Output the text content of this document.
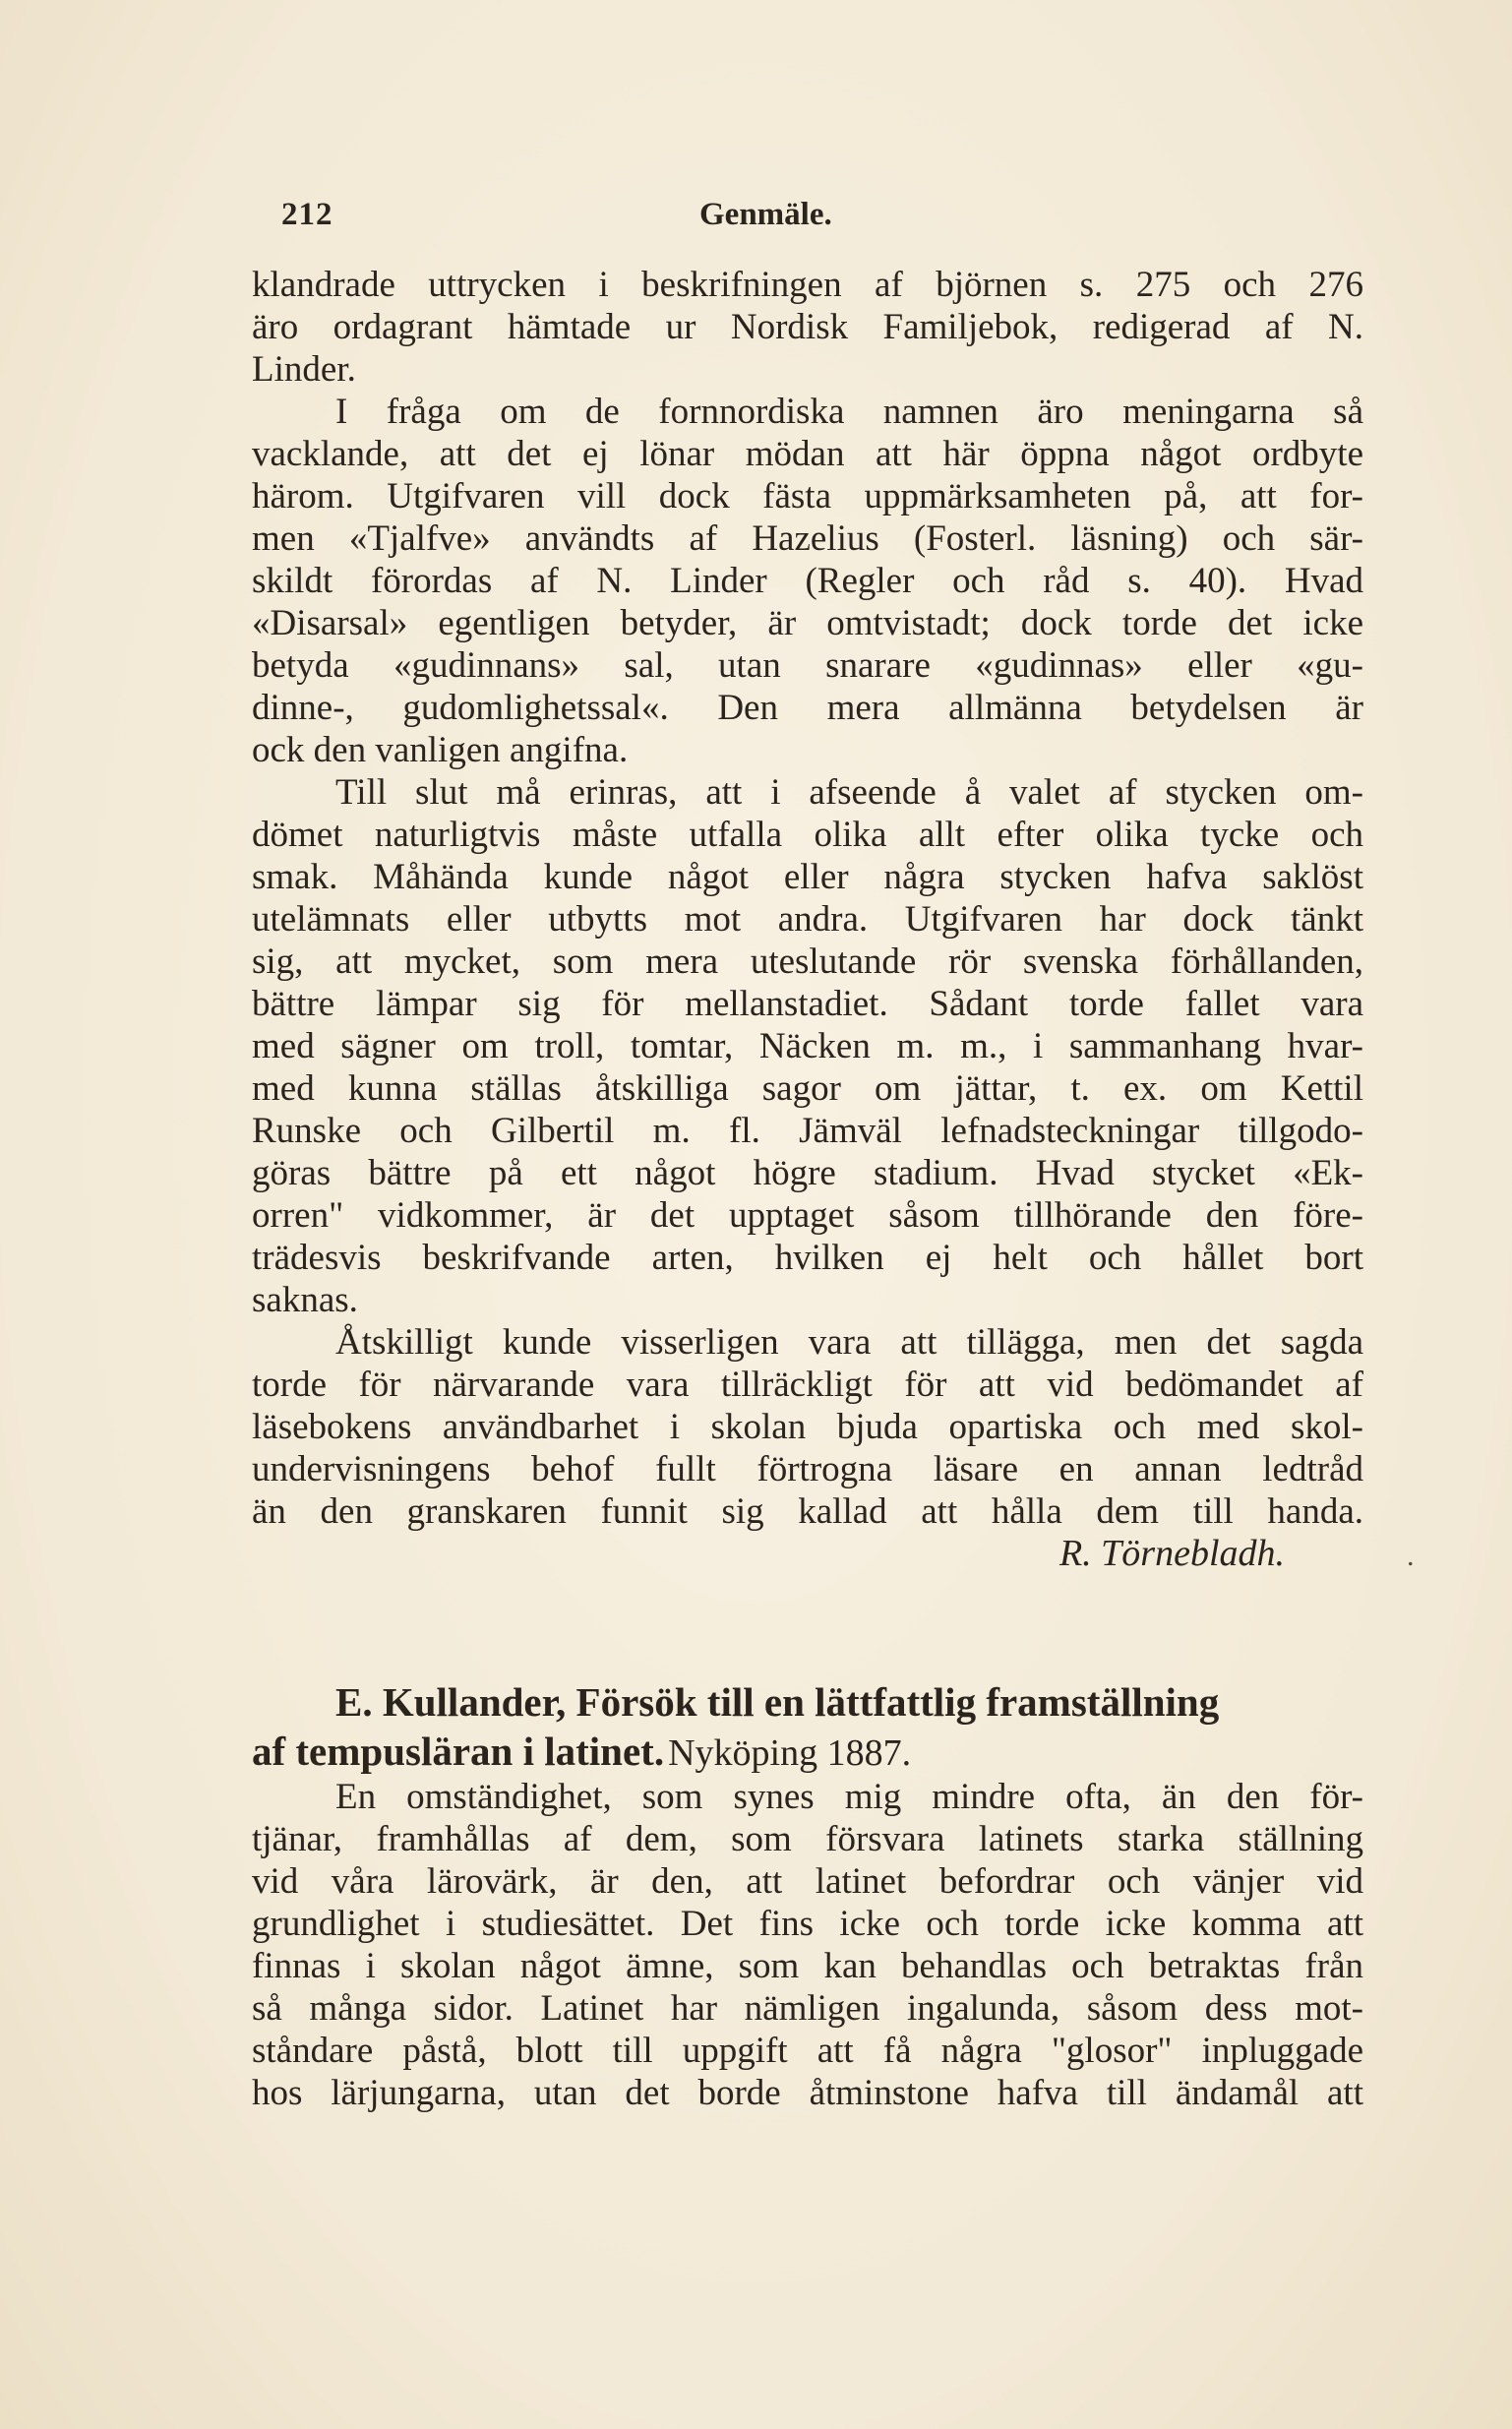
212	Genmäle.
klandrade uttrycken i beskrifningen af björnen s. 275 och 276
äro ordagrant hämtade ur Nordisk Familjebok, redigerad af N.
Linder.
I fråga om de fornnordiska namnen äro meningarna så
vacklande, att det ej lönar mödan att här öppna något ordbyte
härom. Utgifvaren vill dock fästa uppmärksamheten på, att for-
men «Tjalfve» användts af Hazelius (Fosterl. läsning) och sär-
skildt förordas af N. Linder (Regler och råd s. 40). Hvad
«Disarsal» egentligen betyder, är omtvistadt; dock torde det icke
betyda «gudinnans» sal, utan snarare «gudinnas» eller «gu-
dinne-, gudomlighetssal«. Den mera allmänna betydelsen är
ock den vanligen angifna.
Till slut må erinras, att i afseende å valet af stycken om-
dömet naturligtvis måste utfalla olika allt efter olika tycke och
smak. Måhända kunde något eller några stycken hafva saklöst
utelämnats eller utbytts mot andra. Utgifvaren har dock tänkt
sig, att mycket, som mera uteslutande rör svenska förhållanden,
bättre lämpar sig för mellanstadiet. Sådant torde fallet vara
med sägner om troll, tomtar, Näcken m. m., i sammanhang hvar-
med kunna ställas åtskilliga sagor om jättar, t. ex. om Kettil
Runske och Gilbertil m. fl. Jämväl lefnadsteckningar tillgodo-
göras bättre på ett något högre stadium. Hvad stycket «Ek-
orren" vidkommer, är det upptaget såsom tillhörande den före-
trädesvis beskrifvande arten, hvilken ej helt och hållet bort
saknas.
Åtskilligt kunde visserligen vara att tillägga, men det sagda
torde för närvarande vara tillräckligt för att vid bedömandet af
läsebokens användbarhet i skolan bjuda opartiska och med skol-
undervisningens behof fullt förtrogna läsare en annan ledtråd
än den granskaren funnit sig kallad att hålla dem till handa.
R. Törnebladh.	.
E. Kullander, Försök till en lättfattlig framställning
af tempusläran i latinet. Nyköping 1887.
En omständighet, som synes mig mindre ofta, än den för-
tjänar, framhållas af dem, som försvara latinets starka ställning
vid våra lärovärk, är den, att latinet befordrar och vänjer vid
grundlighet i studiesättet. Det fins icke och torde icke komma att
finnas i skolan något ämne, som kan behandlas och betraktas från
så många sidor. Latinet har nämligen ingalunda, såsom dess mot-
ståndare påstå, blott till uppgift att få några "glosor" inpluggade
hos lärjungarna, utan det borde åtminstone hafva till ändamål att
